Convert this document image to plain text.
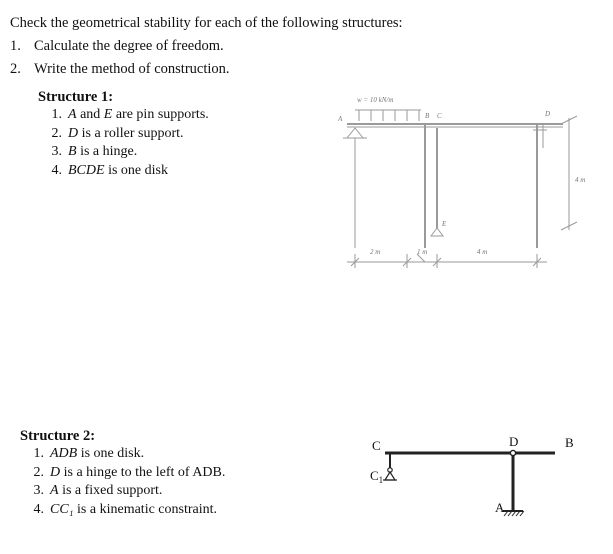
Check the geometrical stability for each of the following structures:
1. Calculate the degree of freedom.
2. Write the method of construction.
Structure 1:
1. A and E are pin supports.
2. D is a roller support.
3. B is a hinge.
4. BCDE is one disk
w = 10 kN/m
A	B C	D
E
2 m	1 m	4 m
4 m
Structure 2:
1. ADB is one disk.
2. D is a hinge to the left of ADB.
3. A is a fixed support.
4. CC₁ is a kinematic constraint.
C
$C_1$
D	B
A
